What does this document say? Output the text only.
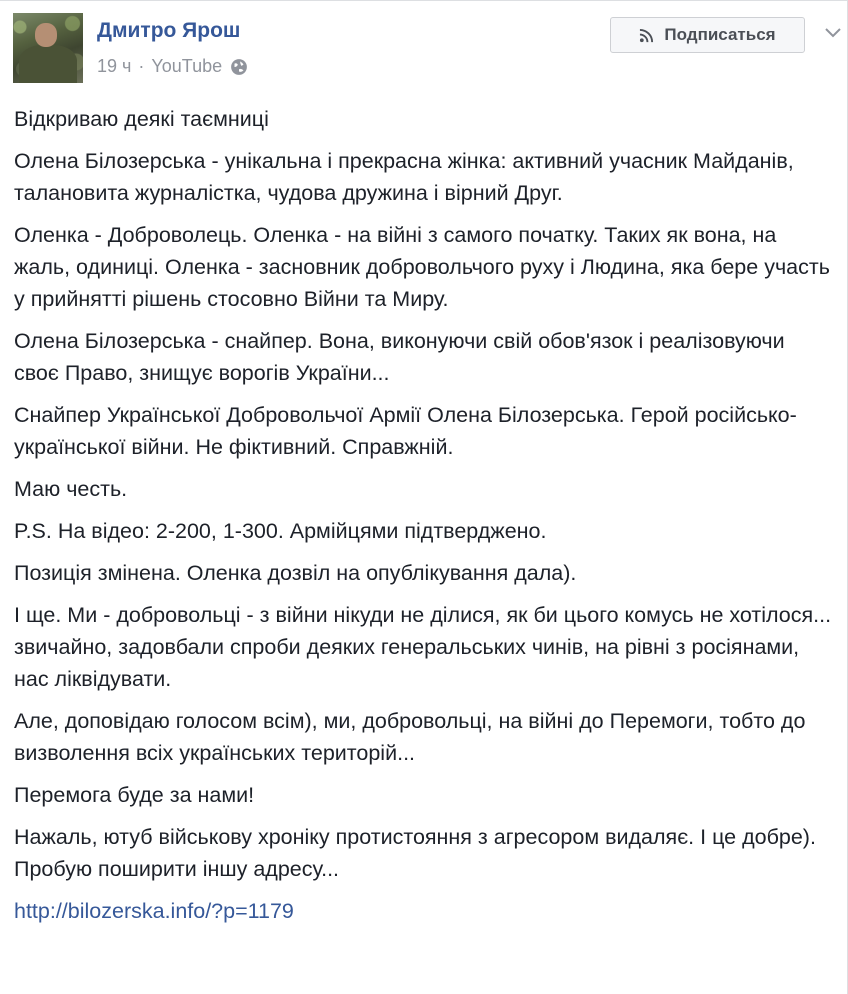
Дмитро Ярош
19 ч · YouTube
Подписаться

Відкриваю деякі таємниці

Олена Білозерська - унікальна і прекрасна жінка: активний учасник Майданів, талановита журналістка, чудова дружина і вірний Друг.

Оленка - Доброволець. Оленка - на війні з самого початку. Таких як вона, на жаль, одиниці. Оленка - засновник добровольчого руху і Людина, яка бере участь у прийнятті рішень стосовно Війни та Миру.

Олена Білозерська - снайпер. Вона, виконуючи свій обов'язок і реалізовуючи своє Право, знищує ворогів України...

Снайпер Української Добровольчої Армії Олена Білозерська. Герой російсько-української війни. Не фіктивний. Справжній.

Маю честь.

P.S. На відео: 2-200, 1-300. Армійцями підтверджено.

Позиція змінена. Оленка дозвіл на опублікування дала).

І ще. Ми - добровольці - з війни нікуди не ділися, як би цього комусь не хотілося... звичайно, задовбали спроби деяких генеральських чинів, на рівні з росіянами, нас ліквідувати.

Але, доповідаю голосом всім), ми, добровольці, на війні до Перемоги, тобто до визволення всіх українських територій...

Перемога буде за нами!

Нажаль, ютуб військову хроніку протистояння з агресором видаляє. І це добре). Пробую поширити іншу адресу...

http://bilozerska.info/?p=1179
